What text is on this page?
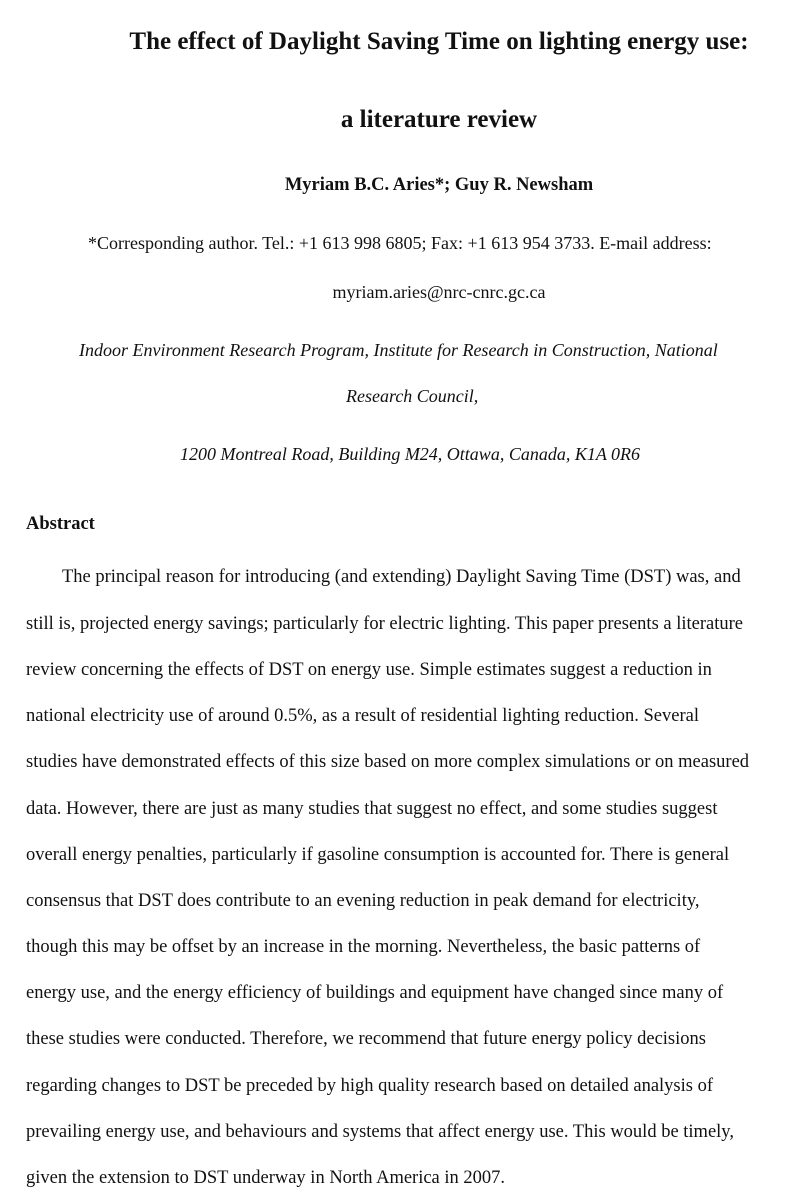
The effect of Daylight Saving Time on lighting energy use:
a literature review
Myriam B.C. Aries*; Guy R. Newsham
*Corresponding author. Tel.: +1 613 998 6805; Fax: +1 613 954 3733. E-mail address:
myriam.aries@nrc-cnrc.gc.ca
Indoor Environment Research Program, Institute for Research in Construction, National
Research Council,
1200 Montreal Road, Building M24, Ottawa, Canada, K1A 0R6
Abstract
The principal reason for introducing (and extending) Daylight Saving Time (DST) was, and
still is, projected energy savings; particularly for electric lighting. This paper presents a literature
review concerning the effects of DST on energy use. Simple estimates suggest a reduction in
national electricity use of around 0.5%, as a result of residential lighting reduction. Several
studies have demonstrated effects of this size based on more complex simulations or on measured
data. However, there are just as many studies that suggest no effect, and some studies suggest
overall energy penalties, particularly if gasoline consumption is accounted for. There is general
consensus that DST does contribute to an evening reduction in peak demand for electricity,
though this may be offset by an increase in the morning. Nevertheless, the basic patterns of
energy use, and the energy efficiency of buildings and equipment have changed since many of
these studies were conducted. Therefore, we recommend that future energy policy decisions
regarding changes to DST be preceded by high quality research based on detailed analysis of
prevailing energy use, and behaviours and systems that affect energy use. This would be timely,
given the extension to DST underway in North America in 2007.
